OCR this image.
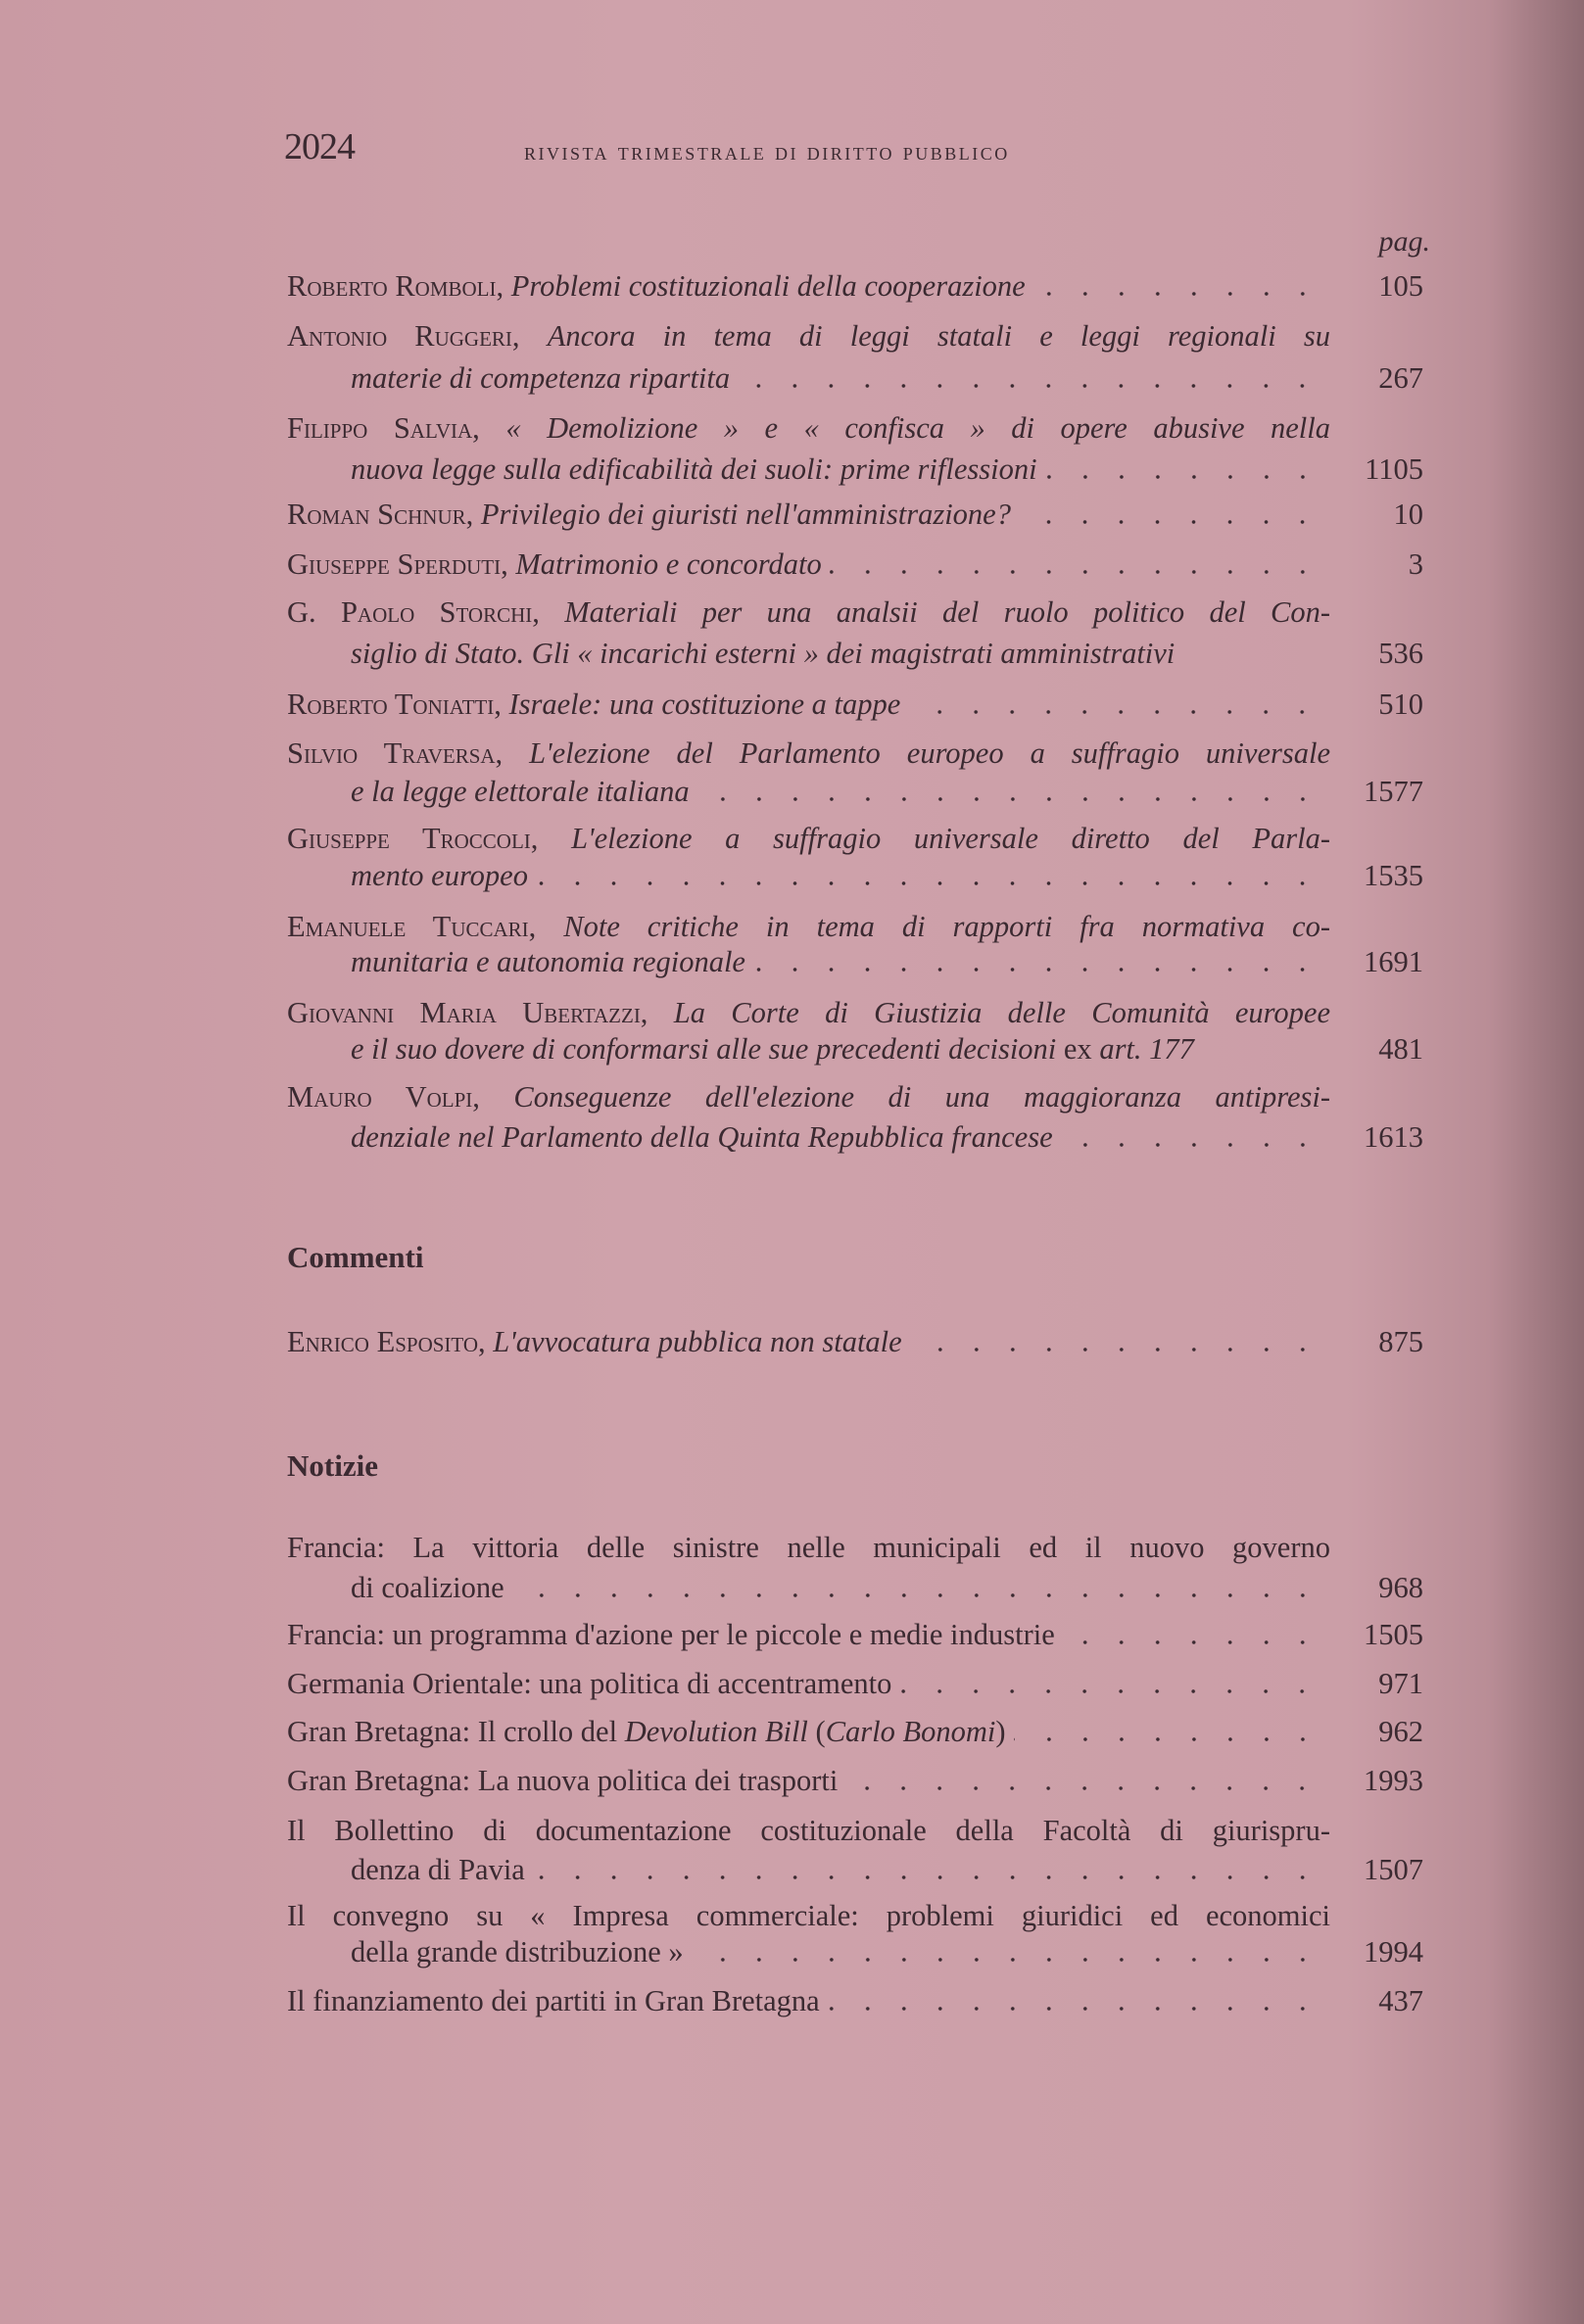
2024	rivista trimestrale di diritto pubblico
pag.
Commenti
Notizie
Roberto Romboli, Problemi costituzionali della cooperazione	105
Antonio Ruggeri, Ancora in tema di leggi statali e leggi regionali su
materie di competenza ripartita	267
Filippo Salvia, « Demolizione » e « confisca » di opere abusive nella
nuova legge sulla edificabilità dei suoli: prime riflessioni	1105
Roman Schnur, Privilegio dei giuristi nell'amministrazione?	10
Giuseppe Sperduti, Matrimonio e concordato	3
G. Paolo Storchi, Materiali per una analsii del ruolo politico del Con-
siglio di Stato. Gli « incarichi esterni » dei magistrati amministrativi	536
Roberto Toniatti, Israele: una costituzione a tappe	510
Silvio Traversa, L'elezione del Parlamento europeo a suffragio universale
e la legge elettorale italiana	1577
Giuseppe Troccoli, L'elezione a suffragio universale diretto del Parla-
mento europeo	1535
Emanuele Tuccari, Note critiche in tema di rapporti fra normativa co-
munitaria e autonomia regionale	1691
Giovanni Maria Ubertazzi, La Corte di Giustizia delle Comunità europee
e il suo dovere di conformarsi alle sue precedenti decisioni ex art. 177	481
Mauro Volpi, Conseguenze dell'elezione di una maggioranza antipresi-
denziale nel Parlamento della Quinta Repubblica francese	1613
Enrico Esposito, L'avvocatura pubblica non statale	875
Francia: La vittoria delle sinistre nelle municipali ed il nuovo governo
di coalizione	968
Francia: un programma d'azione per le piccole e medie industrie	1505
Germania Orientale: una politica di accentramento	971
Gran Bretagna: Il crollo del Devolution Bill (Carlo Bonomi)	962
Gran Bretagna: La nuova politica dei trasporti	1993
Il Bollettino di documentazione costituzionale della Facoltà di giurispru-
denza di Pavia	1507
Il convegno su « Impresa commerciale: problemi giuridici ed economici
della grande distribuzione »	1994
Il finanziamento dei partiti in Gran Bretagna	437
